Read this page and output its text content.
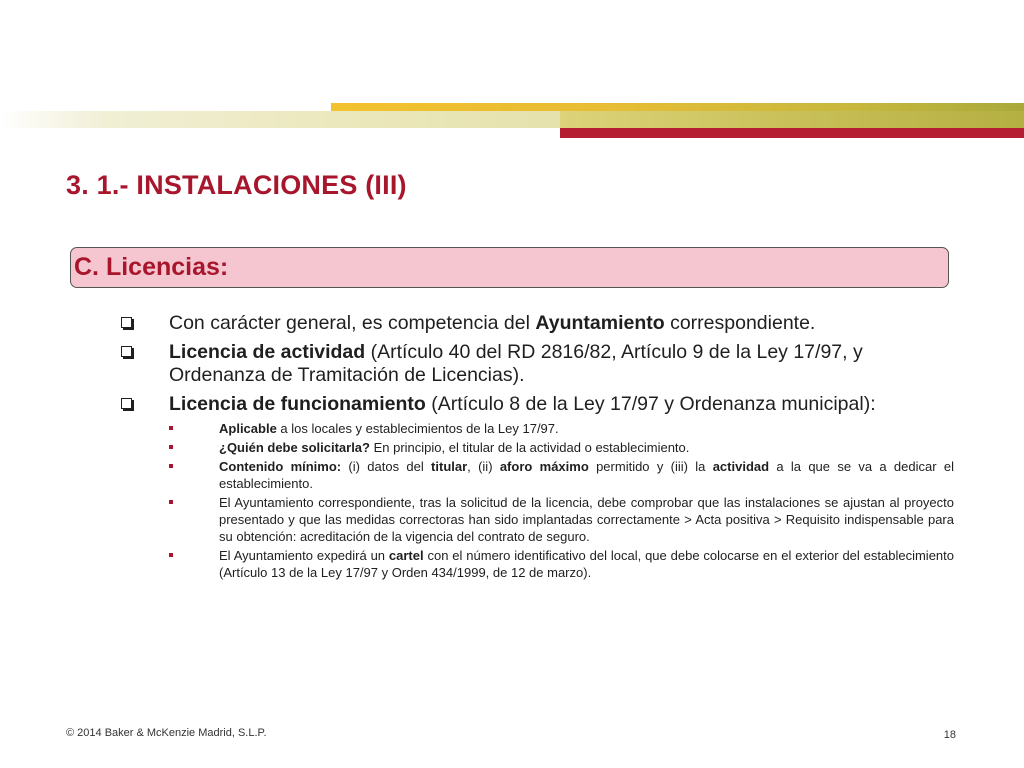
3. 1.- INSTALACIONES (III)
C. Licencias:
Con carácter general, es competencia del Ayuntamiento correspondiente.
Licencia de actividad (Artículo 40 del RD 2816/82, Artículo 9 de la Ley 17/97, y Ordenanza de Tramitación de Licencias).
Licencia de funcionamiento (Artículo 8 de la Ley 17/97 y Ordenanza municipal):
Aplicable a los locales y establecimientos de la Ley 17/97.
¿Quién debe solicitarla? En principio, el titular de la actividad o establecimiento.
Contenido mínimo: (i) datos del titular, (ii) aforo máximo permitido y (iii) la actividad a la que se va a dedicar el establecimiento.
El Ayuntamiento correspondiente, tras la solicitud de la licencia, debe comprobar que las instalaciones se ajustan al proyecto presentado y que las medidas correctoras han sido implantadas correctamente > Acta positiva > Requisito indispensable para su obtención: acreditación de la vigencia del contrato de seguro.
El Ayuntamiento expedirá un cartel con el número identificativo del local, que debe colocarse en el exterior del establecimiento (Artículo 13 de la Ley 17/97 y Orden 434/1999, de 12 de marzo).
© 2014 Baker & McKenzie Madrid, S.L.P.	18
